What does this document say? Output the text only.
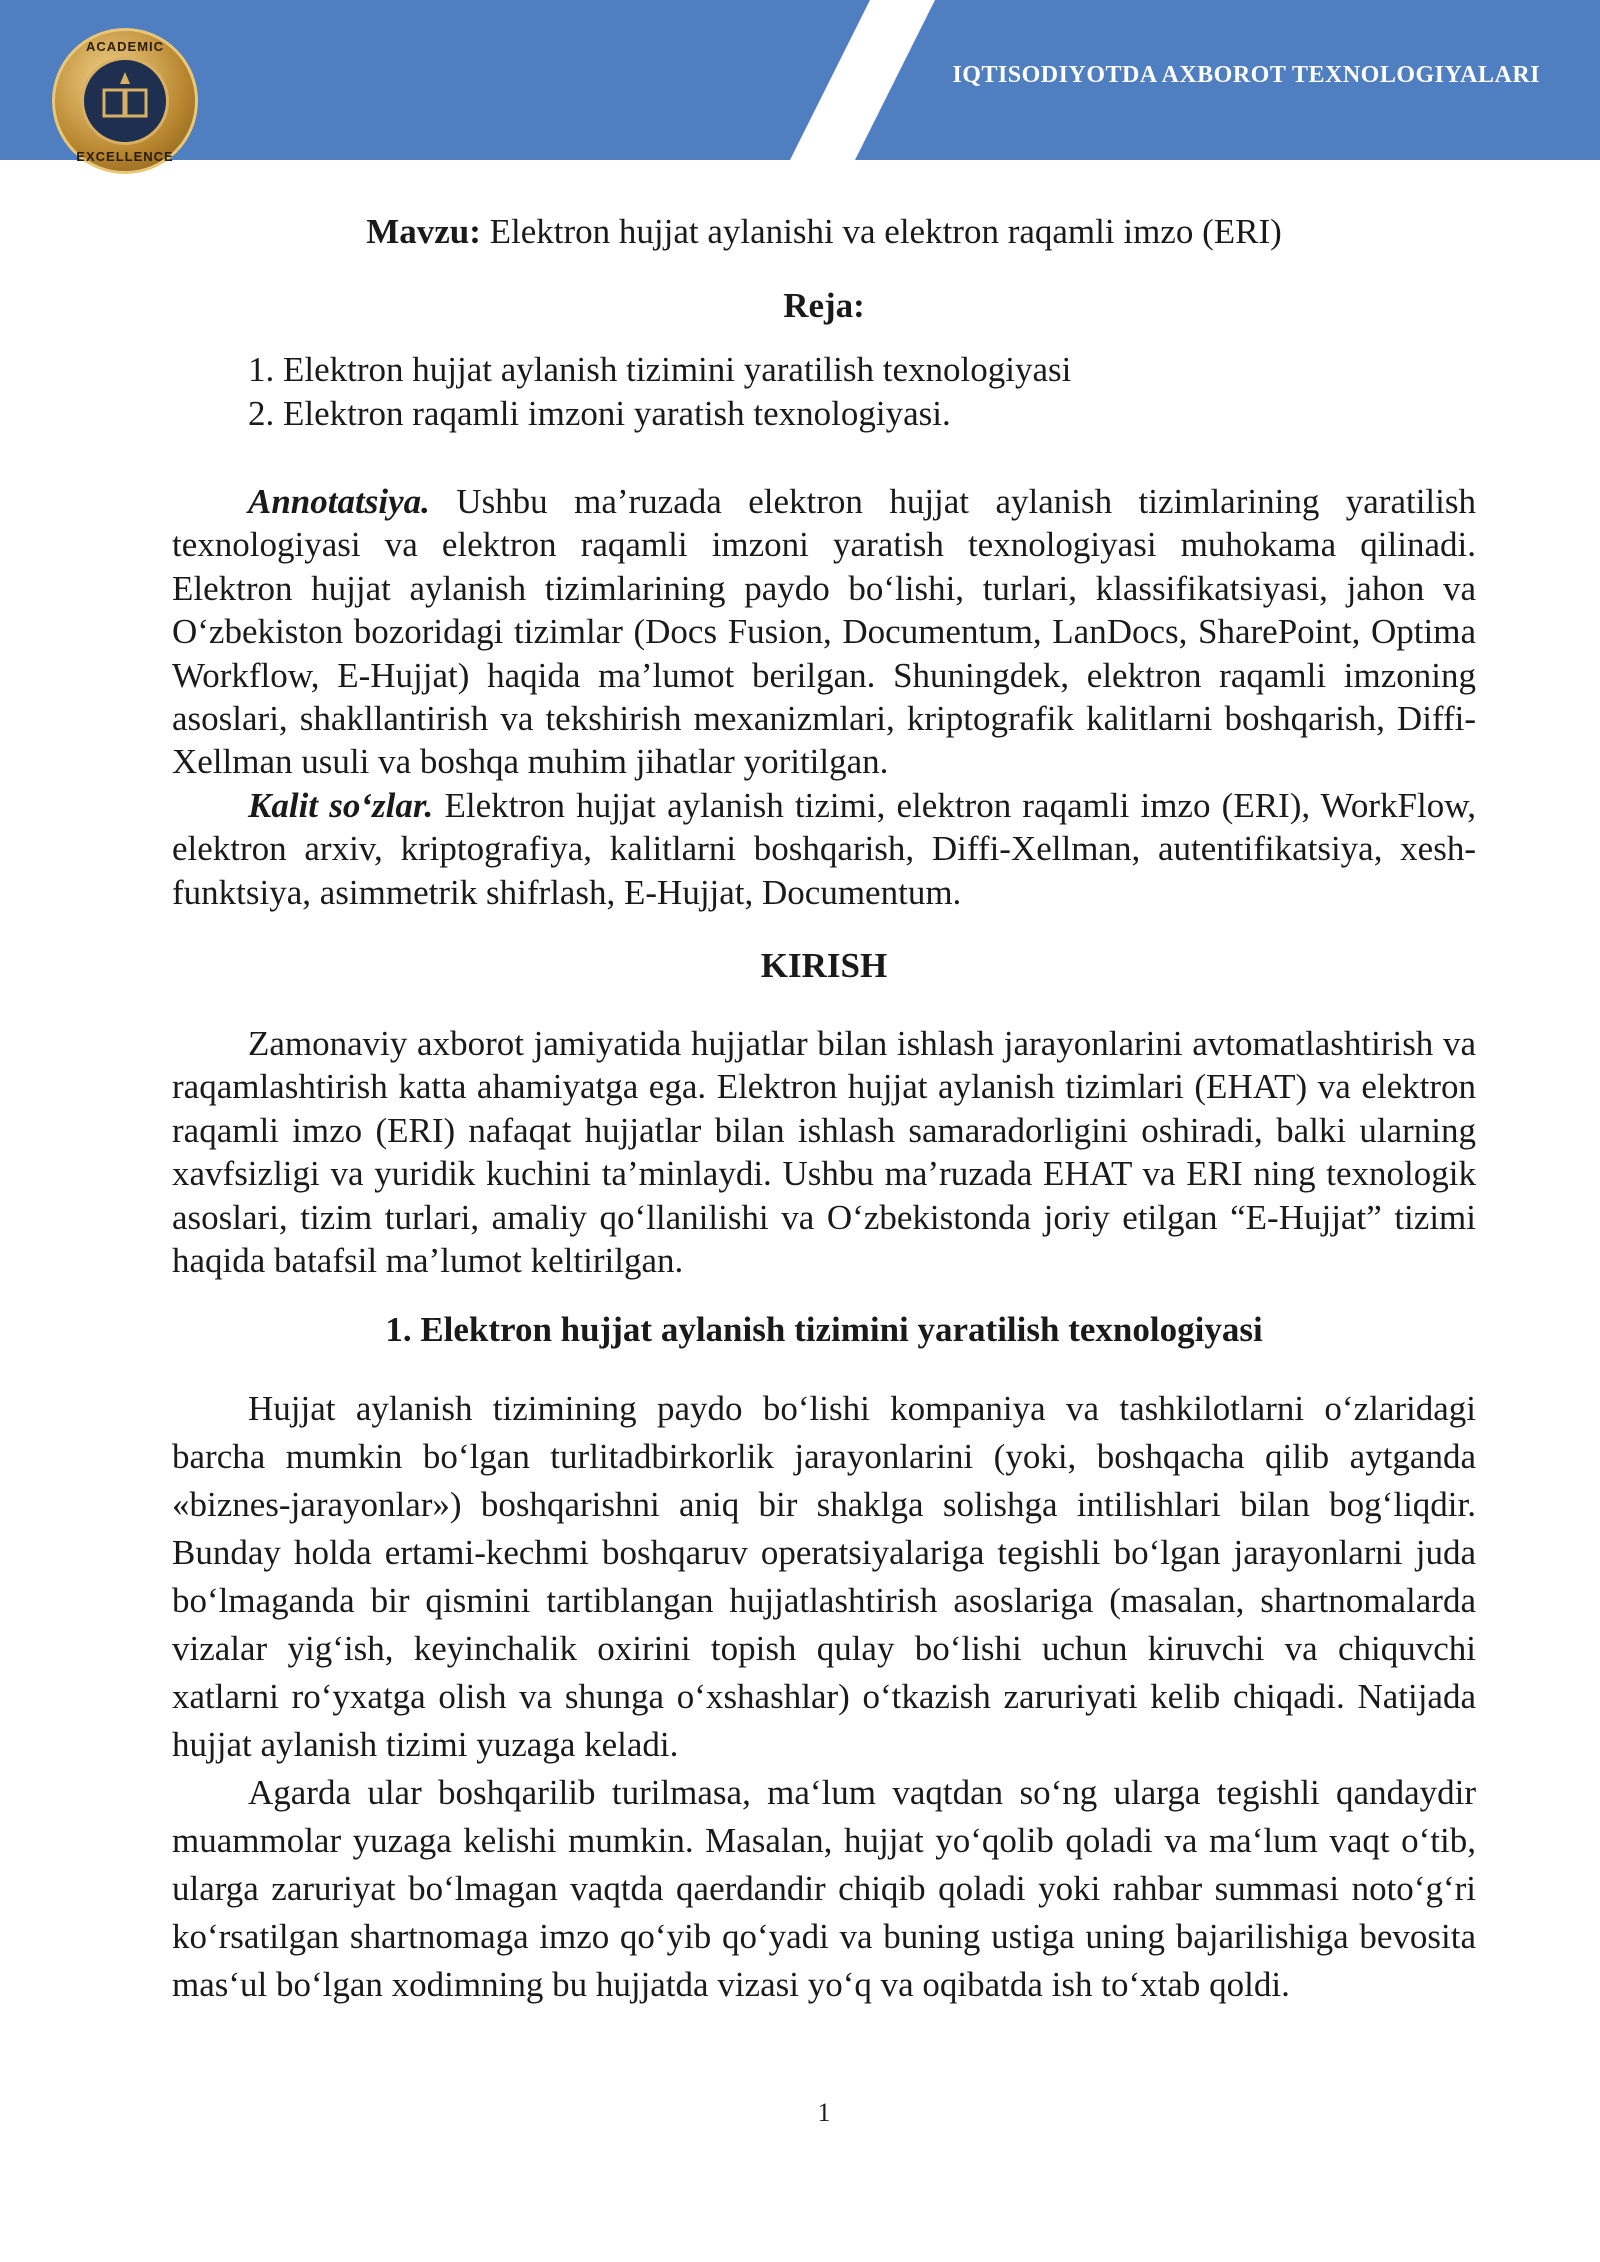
ACADEMIC
EXCELLENCE
IQTISODIYOTDA AXBOROT TEXNOLOGIYALARI
Mavzu: Elektron hujjat aylanishi va elektron raqamli imzo (ERI)
Reja:
1. Elektron hujjat aylanish tizimini yaratilish texnologiyasi
2. Elektron raqamli imzoni yaratish texnologiyasi.

Annotatsiya. Ushbu ma’ruzada elektron hujjat aylanish tizimlarining yaratilish texnologiyasi va elektron raqamli imzoni yaratish texnologiyasi muhokama qilinadi. Elektron hujjat aylanish tizimlarining paydo bo‘lishi, turlari, klassifikatsiyasi, jahon va O‘zbekiston bozoridagi tizimlar (Docs Fusion, Documentum, LanDocs, SharePoint, Optima Workflow, E-Hujjat) haqida ma’lumot berilgan. Shuningdek, elektron raqamli imzoning asoslari, shakllantirish va tekshirish mexanizmlari, kriptografik kalitlarni boshqarish, Diffi-Xellman usuli va boshqa muhim jihatlar yoritilgan.

Kalit so‘zlar. Elektron hujjat aylanish tizimi, elektron raqamli imzo (ERI), WorkFlow, elektron arxiv, kriptografiya, kalitlarni boshqarish, Diffi-Xellman, autentifikatsiya, xesh-funktsiya, asimmetrik shifrlash, E-Hujjat, Documentum.

KIRISH

Zamonaviy axborot jamiyatida hujjatlar bilan ishlash jarayonlarini avtomatlashtirish va raqamlashtirish katta ahamiyatga ega. Elektron hujjat aylanish tizimlari (EHAT) va elektron raqamli imzo (ERI) nafaqat hujjatlar bilan ishlash samaradorligini oshiradi, balki ularning xavfsizligi va yuridik kuchini ta’minlaydi. Ushbu ma’ruzada EHAT va ERI ning texnologik asoslari, tizim turlari, amaliy qo‘llanilishi va O‘zbekistonda joriy etilgan “E-Hujjat” tizimi haqida batafsil ma’lumot keltirilgan.

1. Elektron hujjat aylanish tizimini yaratilish texnologiyasi

Hujjat aylanish tizimining paydo bo‘lishi kompaniya va tashkilotlarni o‘zlaridagi barcha mumkin bo‘lgan turlitadbirkorlik jarayonlarini (yoki, boshqacha qilib aytganda «biznes-jarayonlar») boshqarishni aniq bir shaklga solishga intilishlari bilan bog‘liqdir. Bunday holda ertami-kechmi boshqaruv operatsiyalariga tegishli bo‘lgan jarayonlarni juda bo‘lmaganda bir qismini tartiblangan hujjatlashtirish asoslariga (masalan, shartnomalarda vizalar yig‘ish, keyinchalik oxirini topish qulay bo‘lishi uchun kiruvchi va chiquvchi xatlarni ro‘yxatga olish va shunga o‘xshashlar) o‘tkazish zaruriyati kelib chiqadi. Natijada hujjat aylanish tizimi yuzaga keladi.

Agarda ular boshqarilib turilmasa, ma‘lum vaqtdan so‘ng ularga tegishli qandaydir muammolar yuzaga kelishi mumkin. Masalan, hujjat yo‘qolib qoladi va ma‘lum vaqt o‘tib, ularga zaruriyat bo‘lmagan vaqtda qaerdandir chiqib qoladi yoki rahbar summasi noto‘g‘ri ko‘rsatilgan shartnomaga imzo qo‘yib qo‘yadi va buning ustiga uning bajarilishiga bevosita mas‘ul bo‘lgan xodimning bu hujjatda vizasi yo‘q va oqibatda ish to‘xtab qoldi.

1
